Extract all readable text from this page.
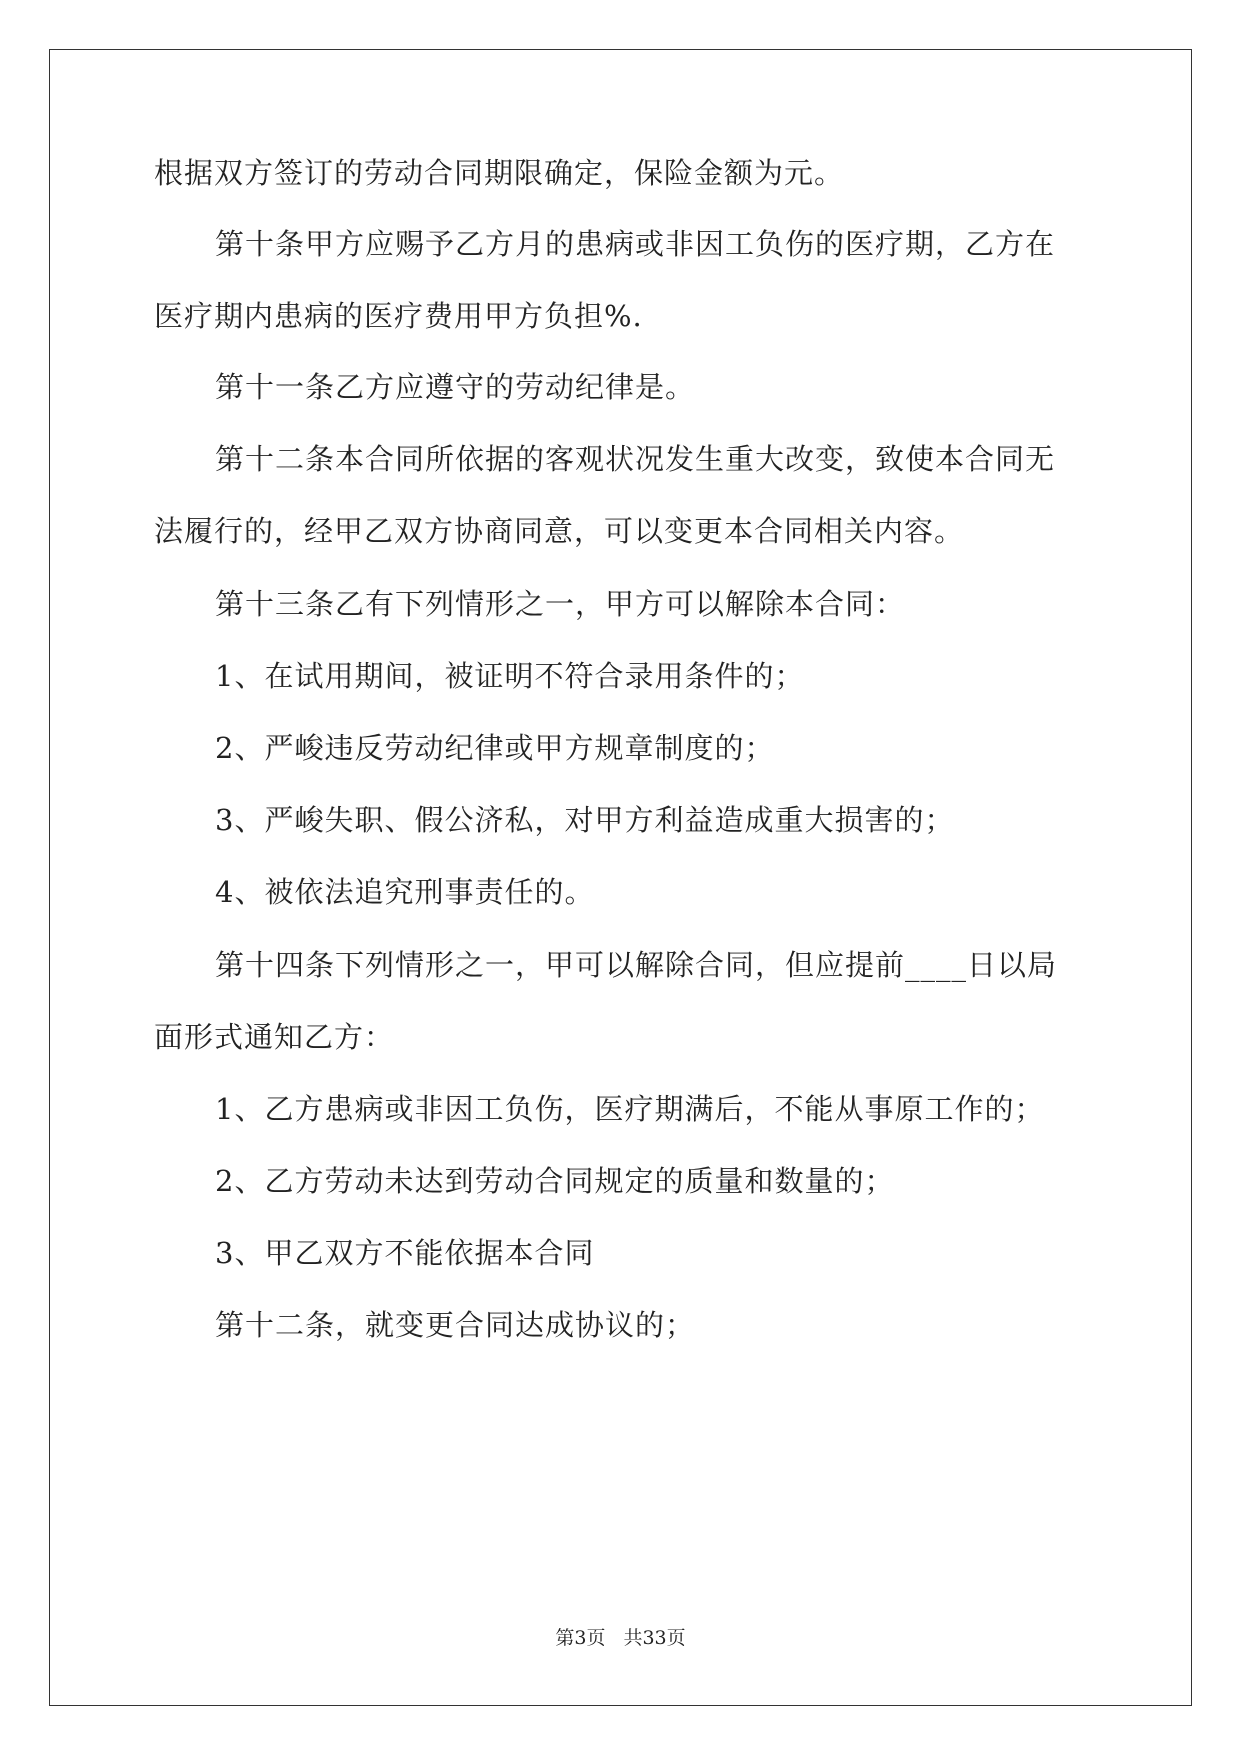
根据双方签订的劳动合同期限确定，保险金额为元。
第十条甲方应赐予乙方月的患病或非因工负伤的医疗期，乙方在
医疗期内患病的医疗费用甲方负担%.
第十一条乙方应遵守的劳动纪律是。
第十二条本合同所依据的客观状况发生重大改变，致使本合同无
法履行的，经甲乙双方协商同意，可以变更本合同相关内容。
第十三条乙有下列情形之一，甲方可以解除本合同：
1、在试用期间，被证明不符合录用条件的；
2、严峻违反劳动纪律或甲方规章制度的；
3、严峻失职、假公济私，对甲方利益造成重大损害的；
4、被依法追究刑事责任的。
第十四条下列情形之一，甲可以解除合同，但应提前____日以局
面形式通知乙方：
1、乙方患病或非因工负伤，医疗期满后，不能从事原工作的；
2、乙方劳动未达到劳动合同规定的质量和数量的；
3、甲乙双方不能依据本合同
第十二条，就变更合同达成协议的；
第3页 共33页
